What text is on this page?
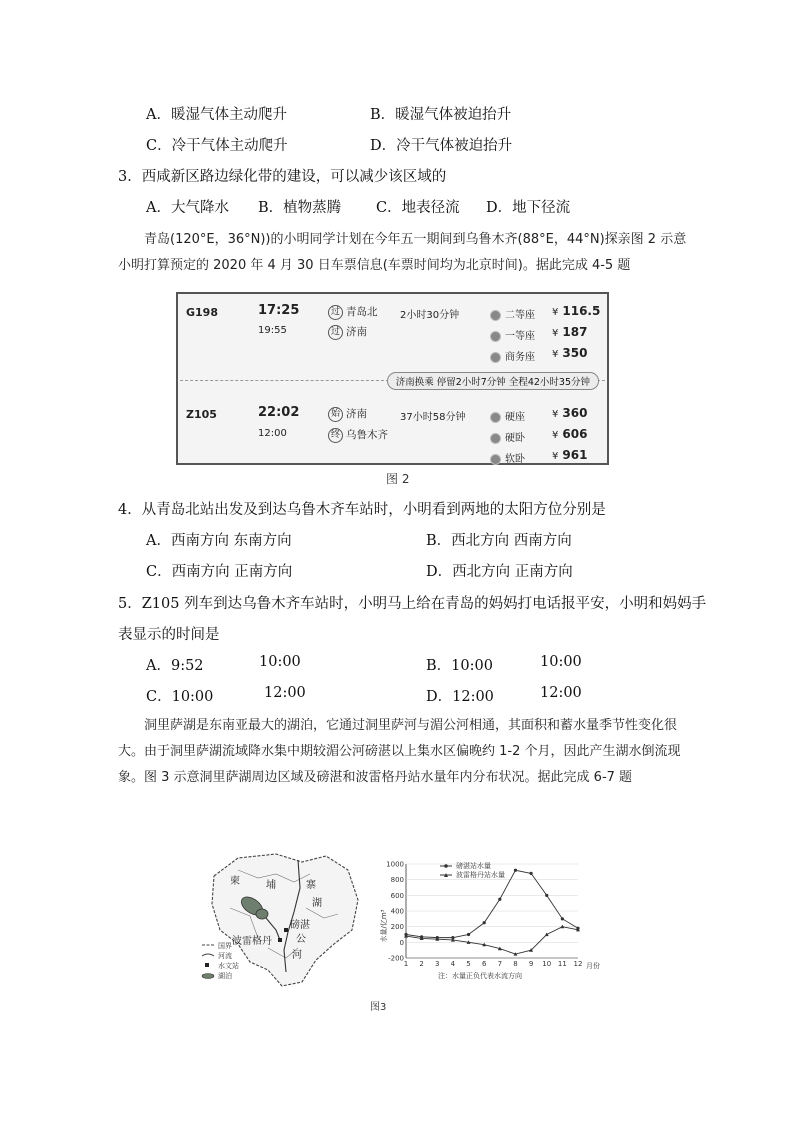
A．暖湿气体主动爬升	B．暖湿气体被迫抬升
C．冷干气体主动爬升	D．冷干气体被迫抬升
3．西咸新区路边绿化带的建设，可以减少该区域的
A．大气降水 B．植物蒸腾 C．地表径流 D．地下径流
青岛(120°E，36°N))的小明同学计划在今年五一期间到乌鲁木齐(88°E，44°N)探亲图 2 示意小明打算预定的 2020 年 4 月 30 日车票信息(车票时间均为北京时间)。据此完成 4-5 题
G198	17:25
19:55
过 青岛北
过 济南
2小时30分钟	二等座 ¥ 116.5
一等座 ¥ 187
商务座 ¥ 350
济南换乘 停留2小时7分钟 全程42小时35分钟
Z105	22:02
12:00
始 济南
终 乌鲁木齐
37小时58分钟	硬座	¥ 360
硬卧	¥ 606
软卧	¥ 961
图 2
4．从青岛北站出发及到达乌鲁木齐车站时，小明看到两地的太阳方位分别是
A．西南方向 东南方向	B．西北方向 西南方向
C．西南方向 正南方向	D．西北方向 正南方向
5．Z105 列车到达乌鲁木齐车站时，小明马上给在青岛的妈妈打电话报平安，小明和妈妈手
表显示的时间是
A．9:52	10:00	B．10:00	10:00
C．10:00	12:00	D．12:00	12:00
洞里萨湖是东南亚最大的湖泊，它通过洞里萨河与湄公河相通，其面积和蓄水量季节性变化很大。由于洞里萨湖流域降水集中期较湄公河磅湛以上集水区偏晚约 1-2 个月，因此产生湖水倒流现象。图 3 示意洞里萨湖周边区域及磅湛和波雷格丹站水量年内分布状况。据此完成 6-7 题
柬	埔	寨
湖
磅湛
公
波雷格丹
河
国界
河流
水文站
湖泊
-200
0
200
400
600
800
1000
1 2 3 4 5 6 7 8 9 10 11 12
水量/亿m³
月份
注：水量正负代表水流方向
磅湛站水量
波雷格丹站水量
图3
